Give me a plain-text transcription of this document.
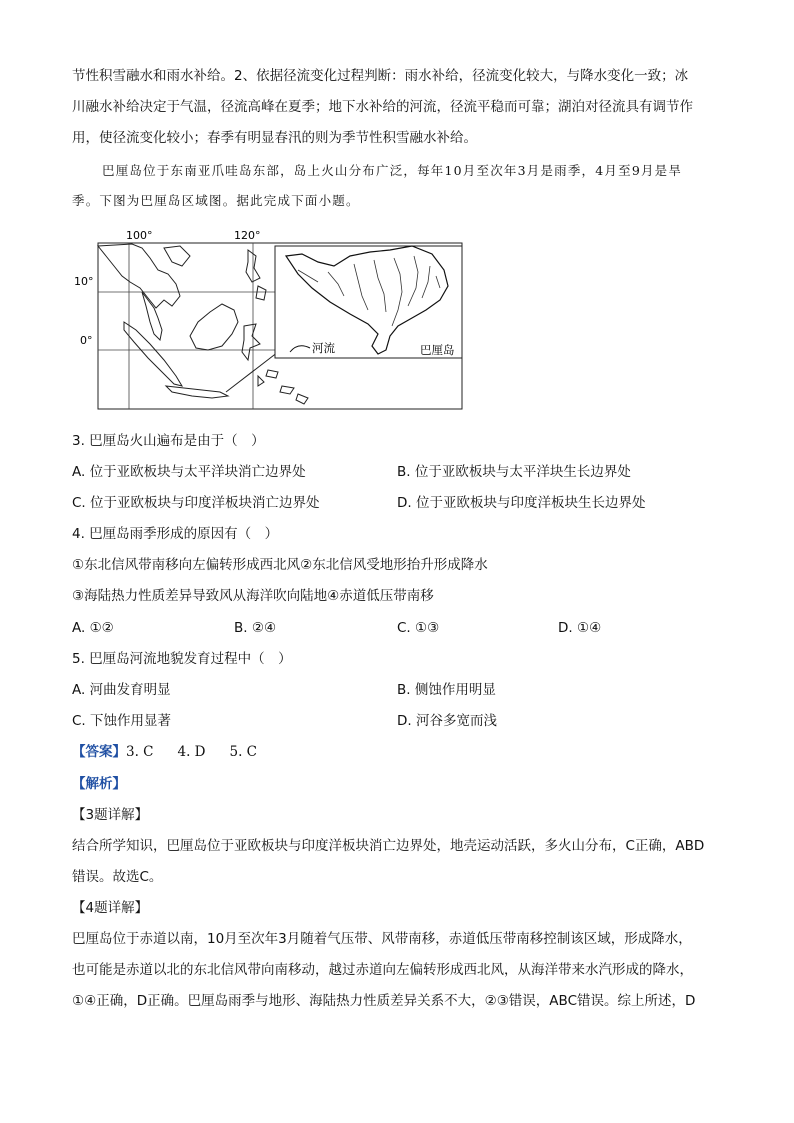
节性积雪融水和雨水补给。2、依据径流变化过程判断：雨水补给，径流变化较大，与降水变化一致；冰
川融水补给决定于气温，径流高峰在夏季；地下水补给的河流，径流平稳而可靠；湖泊对径流具有调节作
用，使径流变化较小；春季有明显春汛的则为季节性积雪融水补给。
巴厘岛位于东南亚爪哇岛东部，岛上火山分布广泛，每年10月至次年3月是雨季，4月至9月是旱
季。下图为巴厘岛区域图。据此完成下面小题。
100°	120°
10°
0°
河流	巴厘岛
3. 巴厘岛火山遍布是由于（　）
A. 位于亚欧板块与太平洋块消亡边界处	B. 位于亚欧板块与太平洋块生长边界处
C. 位于亚欧板块与印度洋板块消亡边界处	D. 位于亚欧板块与印度洋板块生长边界处
4. 巴厘岛雨季形成的原因有（　）
①东北信风带南移向左偏转形成西北风②东北信风受地形抬升形成降水
③海陆热力性质差异导致风从海洋吹向陆地④赤道低压带南移
A. ①②	B. ②④	C. ①③	D. ①④
5. 巴厘岛河流地貌发育过程中（　）
A. 河曲发育明显	B. 侧蚀作用明显
C. 下蚀作用显著	D. 河谷多宽而浅
【答案】3. C 4. D 5. C
【解析】
【3题详解】
结合所学知识，巴厘岛位于亚欧板块与印度洋板块消亡边界处，地壳运动活跃，多火山分布，C正确，ABD
错误。故选C。
【4题详解】
巴厘岛位于赤道以南，10月至次年3月随着气压带、风带南移，赤道低压带南移控制该区域，形成降水，
也可能是赤道以北的东北信风带向南移动，越过赤道向左偏转形成西北风，从海洋带来水汽形成的降水，
①④正确，D正确。巴厘岛雨季与地形、海陆热力性质差异关系不大，②③错误，ABC错误。综上所述，D
